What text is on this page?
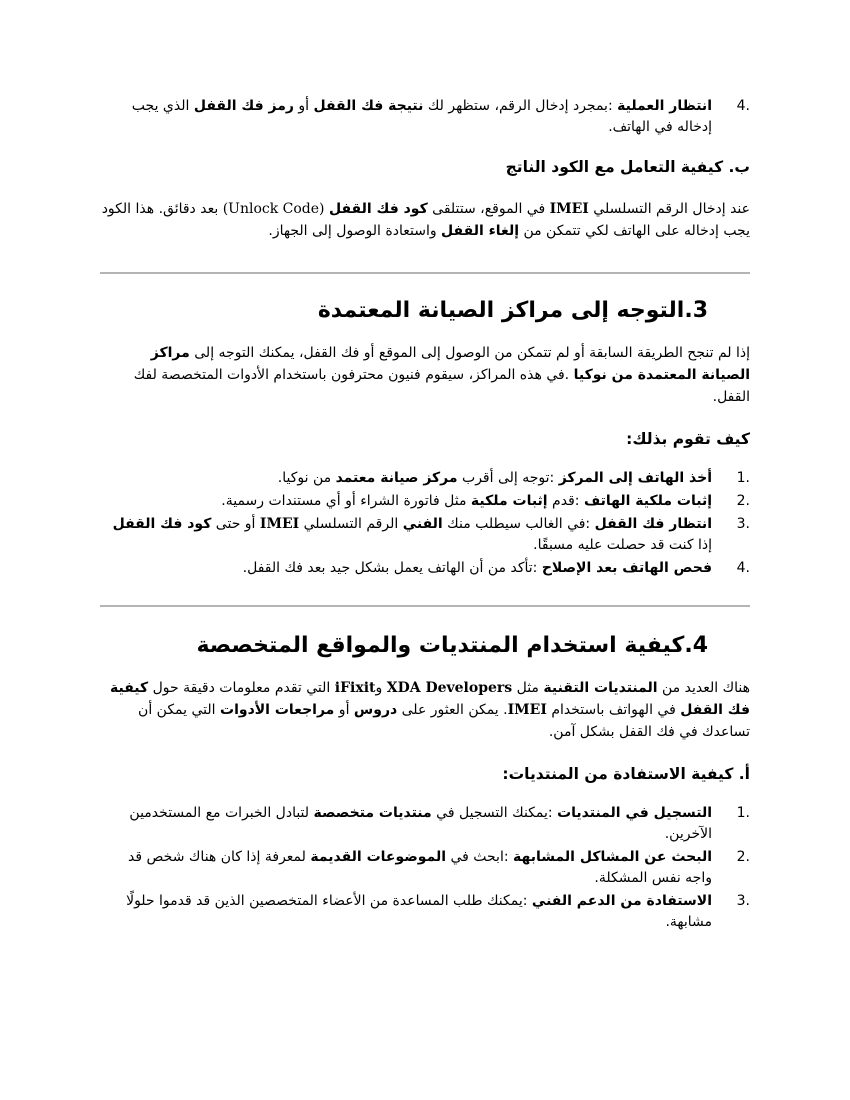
4.
انتظار العملية :بمجرد إدخال الرقم، ستظهر لك نتيجة فك القفل أو رمز فك القفل الذي يجب إدخاله في الهاتف.
ب. كيفية التعامل مع الكود الناتج

عند إدخال الرقم التسلسلي IMEI في الموقع، ستتلقى كود فك القفل (Unlock Code) بعد دقائق. هذا الكود يجب إدخاله على الهاتف لكي تتمكن من إلغاء القفل واستعادة الوصول إلى الجهاز.

3.التوجه إلى مراكز الصيانة المعتمدة

إذا لم تنجح الطريقة السابقة أو لم تتمكن من الوصول إلى الموقع أو فك القفل، يمكنك التوجه إلى مراكز الصيانة المعتمدة من نوكيا .في هذه المراكز، سيقوم فنيون محترفون باستخدام الأدوات المتخصصة لفك القفل.

كيف تقوم بذلك:
1.
أخذ الهاتف إلى المركز :توجه إلى أقرب مركز صيانة معتمد من نوكيا.
2.
إثبات ملكية الهاتف :قدم إثبات ملكية مثل فاتورة الشراء أو أي مستندات رسمية.
3.
انتظار فك القفل :في الغالب سيطلب منك الفني الرقم التسلسلي IMEI أو حتى كود فك القفل إذا كنت قد حصلت عليه مسبقًا.
4.
فحص الهاتف بعد الإصلاح :تأكد من أن الهاتف يعمل بشكل جيد بعد فك القفل.
4.كيفية استخدام المنتديات والمواقع المتخصصة

هناك العديد من المنتديات التقنية مثل XDA Developers وiFixit التي تقدم معلومات دقيقة حول كيفية فك القفل في الهواتف باستخدام IMEI. يمكن العثور على دروس أو مراجعات الأدوات التي يمكن أن تساعدك في فك القفل بشكل آمن.

أ. كيفية الاستفادة من المنتديات:
1.
التسجيل في المنتديات :يمكنك التسجيل في منتديات متخصصة لتبادل الخبرات مع المستخدمين الآخرين.
2.
البحث عن المشاكل المشابهة :ابحث في الموضوعات القديمة لمعرفة إذا كان هناك شخص قد واجه نفس المشكلة.
3.
الاستفادة من الدعم الفني :يمكنك طلب المساعدة من الأعضاء المتخصصين الذين قد قدموا حلولًا مشابهة.
